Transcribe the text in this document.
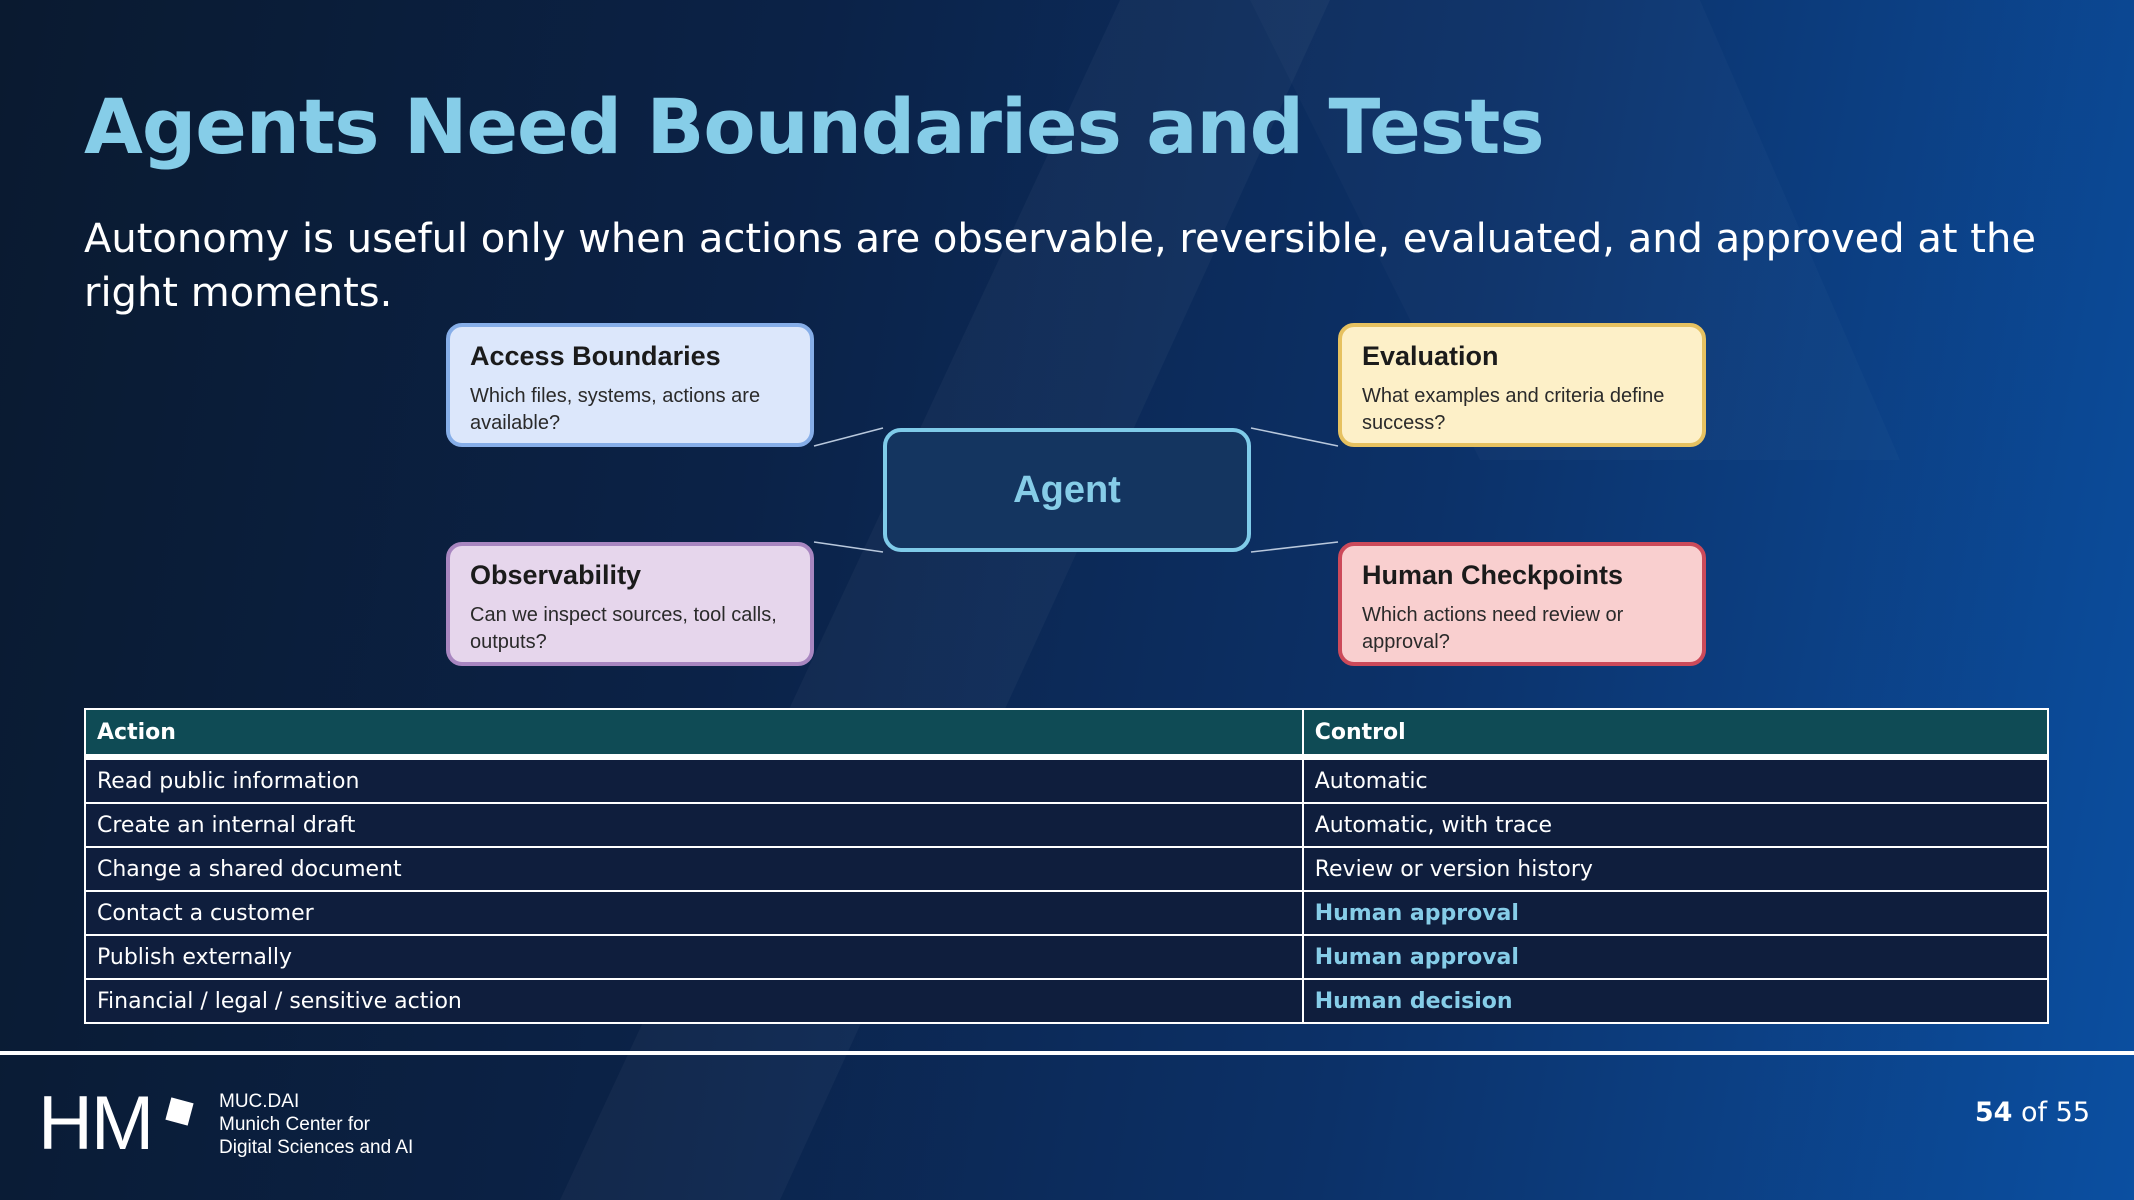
Agents Need Boundaries and Tests

Autonomy is useful only when actions are observable, reversible, evaluated, and approved at the right moments.

Access Boundaries
Which files, systems, actions are available?
Evaluation
What examples and criteria define success?
Agent
Observability
Can we inspect sources, tool calls, outputs?
Human Checkpoints
Which actions need review or approval?
Action	Control
Read public information	Automatic
Create an internal draft	Automatic, with trace
Change a shared document	Review or version history
Contact a customer	Human approval
Publish externally	Human approval
Financial / legal / sensitive action	Human decision
HM	MUC.DAI
Munich Center for
Digital Sciences and AI
54 of 55
